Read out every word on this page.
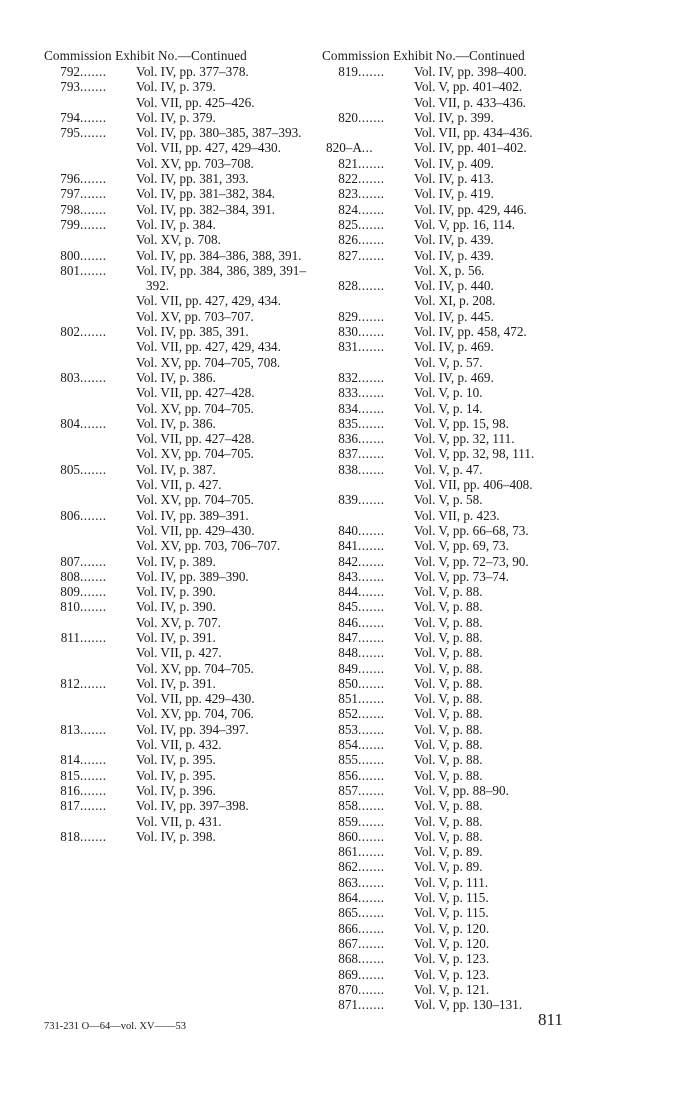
Commission Exhibit No.—Continued
792.......	Vol. IV, pp. 377–378.
793.......	Vol. IV, p. 379.
Vol. VII, pp. 425–426.
794.......	Vol. IV, p. 379.
795.......	Vol. IV, pp. 380–385, 387–393.
Vol. VII, pp. 427, 429–430.
Vol. XV, pp. 703–708.
796.......	Vol. IV, pp. 381, 393.
797.......	Vol. IV, pp. 381–382, 384.
798.......	Vol. IV, pp. 382–384, 391.
799.......	Vol. IV, p. 384.
Vol. XV, p. 708.
800.......	Vol. IV, pp. 384–386, 388, 391.
801.......	Vol. IV, pp. 384, 386, 389, 391–392.
Vol. VII, pp. 427, 429, 434.
Vol. XV, pp. 703–707.
802.......	Vol. IV, pp. 385, 391.
Vol. VII, pp. 427, 429, 434.
Vol. XV, pp. 704–705, 708.
803.......	Vol. IV, p. 386.
Vol. VII, pp. 427–428.
Vol. XV, pp. 704–705.
804.......	Vol. IV, p. 386.
Vol. VII, pp. 427–428.
Vol. XV, pp. 704–705.
805.......	Vol. IV, p. 387.
Vol. VII, p. 427.
Vol. XV, pp. 704–705.
806.......	Vol. IV, pp. 389–391.
Vol. VII, pp. 429–430.
Vol. XV, pp. 703, 706–707.
807.......	Vol. IV, p. 389.
808.......	Vol. IV, pp. 389–390.
809.......	Vol. IV, p. 390.
810.......	Vol. IV, p. 390.
Vol. XV, p. 707.
811.......	Vol. IV, p. 391.
Vol. VII, p. 427.
Vol. XV, pp. 704–705.
812.......	Vol. IV, p. 391.
Vol. VII, pp. 429–430.
Vol. XV, pp. 704, 706.
813.......	Vol. IV, pp. 394–397.
Vol. VII, p. 432.
814.......	Vol. IV, p. 395.
815.......	Vol. IV, p. 395.
816.......	Vol. IV, p. 396.
817.......	Vol. IV, pp. 397–398.
Vol. VII, p. 431.
818.......	Vol. IV, p. 398.
Commission Exhibit No.—Continued
819.......	Vol. IV, pp. 398–400.
Vol. V, pp. 401–402.
Vol. VII, p. 433–436.
820.......	Vol. IV, p. 399.
Vol. VII, pp. 434–436.
820–A....	Vol. IV, pp. 401–402.
821.......	Vol. IV, p. 409.
822.......	Vol. IV, p. 413.
823.......	Vol. IV, p. 419.
824.......	Vol. IV, pp. 429, 446.
825.......	Vol. V, pp. 16, 114.
826.......	Vol. IV, p. 439.
827.......	Vol. IV, p. 439.
Vol. X, p. 56.
828.......	Vol. IV, p. 440.
Vol. XI, p. 208.
829.......	Vol. IV, p. 445.
830.......	Vol. IV, pp. 458, 472.
831.......	Vol. IV, p. 469.
Vol. V, p. 57.
832.......	Vol. IV, p. 469.
833.......	Vol. V, p. 10.
834.......	Vol. V, p. 14.
835.......	Vol. V, pp. 15, 98.
836.......	Vol. V, pp. 32, 111.
837.......	Vol. V, pp. 32, 98, 111.
838.......	Vol. V, p. 47.
Vol. VII, pp. 406–408.
839.......	Vol. V, p. 58.
Vol. VII, p. 423.
840.......	Vol. V, pp. 66–68, 73.
841.......	Vol. V, pp. 69, 73.
842.......	Vol. V, pp. 72–73, 90.
843.......	Vol. V, pp. 73–74.
844.......	Vol. V, p. 88.
845.......	Vol. V, p. 88.
846.......	Vol. V, p. 88.
847.......	Vol. V, p. 88.
848.......	Vol. V, p. 88.
849.......	Vol. V, p. 88.
850.......	Vol. V, p. 88.
851.......	Vol. V, p. 88.
852.......	Vol. V, p. 88.
853.......	Vol. V, p. 88.
854.......	Vol. V, p. 88.
855.......	Vol. V, p. 88.
856.......	Vol. V, p. 88.
857.......	Vol. V, pp. 88–90.
858.......	Vol. V, p. 88.
859.......	Vol. V, p. 88.
860.......	Vol. V, p. 88.
861.......	Vol. V, p. 89.
862.......	Vol. V, p. 89.
863.......	Vol. V, p. 111.
864.......	Vol. V, p. 115.
865.......	Vol. V, p. 115.
866.......	Vol. V, p. 120.
867.......	Vol. V, p. 120.
868.......	Vol. V, p. 123.
869.......	Vol. V, p. 123.
870.......	Vol. V, p. 121.
871.......	Vol. V, pp. 130–131.
731-231 O—64—vol. XV——53	811
